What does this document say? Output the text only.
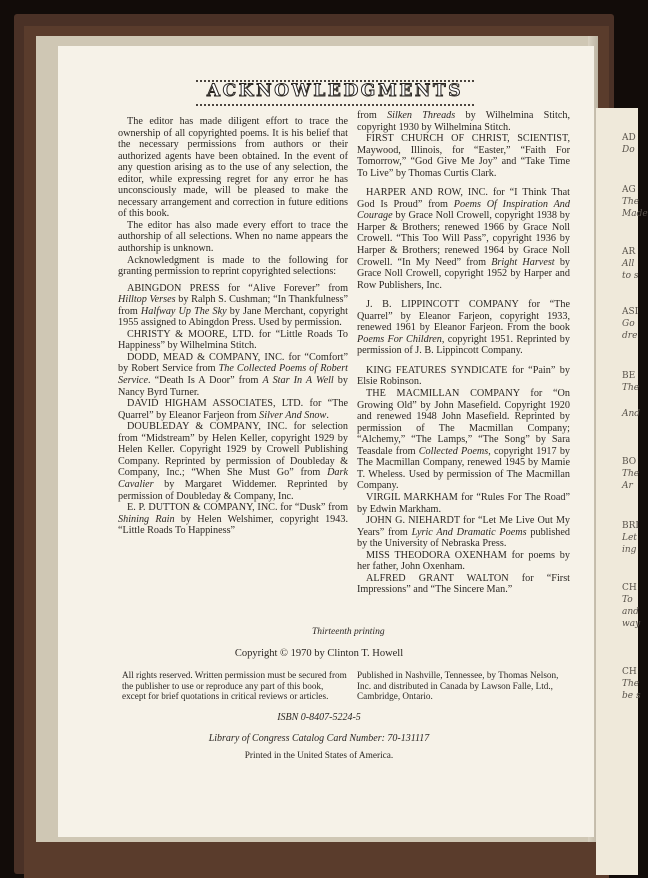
AD
Do
AG
The
Made
AR
All
to s
ASI
Go
dre
BE
The
And
BO
The
Ar
BRI
Let
ing
CH
To
and
way
CH
The
be s
ACKNOWLEDGMENTS

The editor has made diligent effort to trace the ownership of all copyrighted poems. It is his belief that the necessary permissions from authors or their authorized agents have been obtained. In the event of any question arising as to the use of any selection, the editor, while expressing regret for any error he has unconsciously made, will be pleased to make the necessary arrangement and correction in future editions of this book.

The editor has also made every effort to trace the authorship of all selections. When no name appears the authorship is unknown.

Acknowledgment is made to the following for granting permission to reprint copyrighted selections:

ABINGDON PRESS for “Alive Forever” from Hilltop Verses by Ralph S. Cushman; “In Thankfulness” from Halfway Up The Sky by Jane Merchant, copyright 1955 assigned to Abingdon Press. Used by permission.

CHRISTY & MOORE, LTD. for “Little Roads To Happiness” by Wilhelmina Stitch.

DODD, MEAD & COMPANY, INC. for “Comfort” by Robert Service from The Collected Poems of Robert Service. “Death Is A Door” from A Star In A Well by Nancy Byrd Turner.

DAVID HIGHAM ASSOCIATES, LTD. for “The Quarrel” by Eleanor Farjeon from Silver And Snow.

DOUBLEDAY & COMPANY, INC. for selection from “Midstream” by Helen Keller, copyright 1929 by Helen Keller. Copyright 1929 by Crowell Publishing Company. Reprinted by permission of Doubleday & Company, Inc.; “When She Must Go” from Dark Cavalier by Margaret Widdemer. Reprinted by permission of Doubleday & Company, Inc.

E. P. DUTTON & COMPANY, INC. for “Dusk” from Shining Rain by Helen Welshimer, copyright 1943. “Little Roads To Happiness”

from Silken Threads by Wilhelmina Stitch, copyright 1930 by Wilhelmina Stitch.

FIRST CHURCH OF CHRIST, SCIENTIST, Maywood, Illinois, for “Easter,” “Faith For Tomorrow,” “God Give Me Joy” and “Take Time To Live” by Thomas Curtis Clark.

HARPER AND ROW, INC. for “I Think That God Is Proud” from Poems Of Inspiration And Courage by Grace Noll Crowell, copyright 1938 by Harper & Brothers; renewed 1966 by Grace Noll Crowell. “This Too Will Pass”, copyright 1936 by Harper & Brothers; renewed 1964 by Grace Noll Crowell. “In My Need” from Bright Harvest by Grace Noll Crowell, copyright 1952 by Harper and Row Publishers, Inc.

J. B. LIPPINCOTT COMPANY for “The Quarrel” by Eleanor Farjeon, copyright 1933, renewed 1961 by Eleanor Farjeon. From the book Poems For Children, copyright 1951. Reprinted by permission of J. B. Lippincott Company.

KING FEATURES SYNDICATE for “Pain” by Elsie Robinson.

THE MACMILLAN COMPANY for “On Growing Old” by John Masefield. Copyright 1920 and renewed 1948 John Masefield. Reprinted by permission of The Macmillan Company; “Alchemy,” “The Lamps,” “The Song” by Sara Teasdale from Collected Poems, copyright 1917 by The Macmillan Company, renewed 1945 by Mamie T. Wheless. Used by permission of The Macmillan Company.

VIRGIL MARKHAM for “Rules For The Road” by Edwin Markham.

JOHN G. NIEHARDT for “Let Me Live Out My Years” from Lyric And Dramatic Poems published by the University of Nebraska Press.

MISS THEODORA OXENHAM for poems by her father, John Oxenham.

ALFRED GRANT WALTON for “First Impressions” and “The Sincere Man.”

Thirteenth printing
Copyright © 1970 by Clinton T. Howell
All rights reserved. Written permission must be secured from the publisher to use or reproduce any part of this book, except for brief quotations in critical reviews or articles.
Published in Nashville, Tennessee, by Thomas Nelson, Inc. and distributed in Canada by Lawson Falle, Ltd., Cambridge, Ontario.
ISBN 0-8407-5224-5
Library of Congress Catalog Card Number: 70-131117
Printed in the United States of America.
